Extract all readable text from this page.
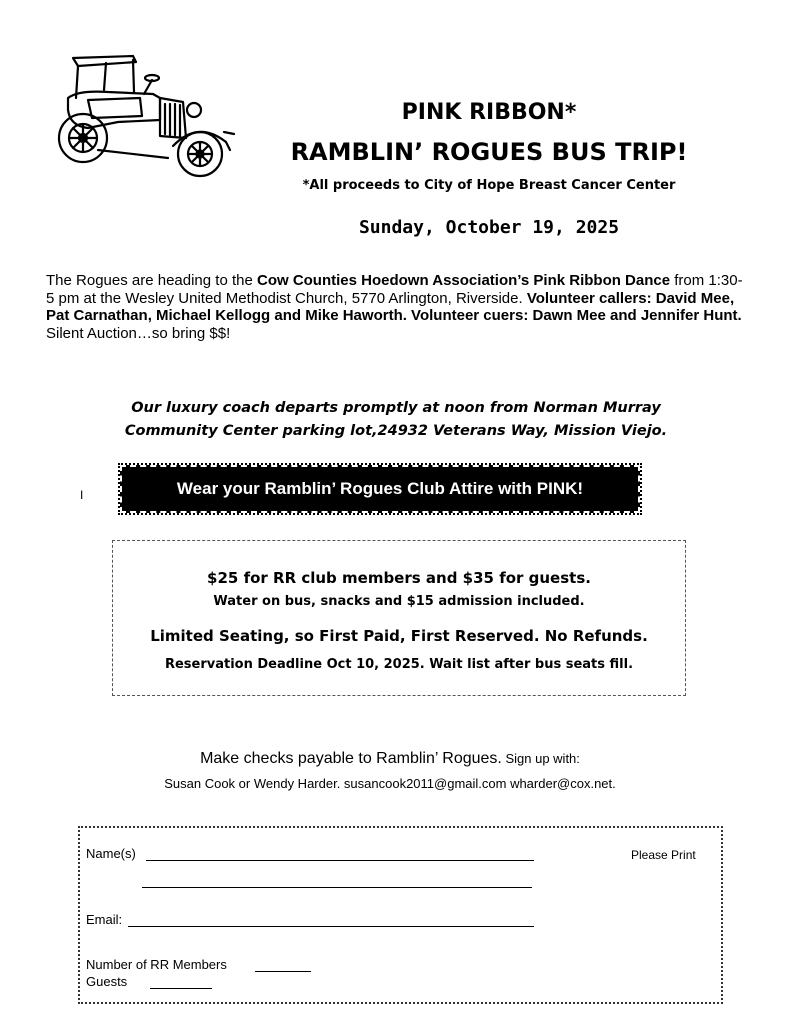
PINK RIBBON*
RAMBLIN’ ROGUES BUS TRIP!
*All proceeds to City of Hope Breast Cancer Center
Sunday, October 19, 2025
The Rogues are heading to the Cow Counties Hoedown Association’s Pink Ribbon Dance from 1:30-5 pm at the Wesley United Methodist Church, 5770 Arlington, Riverside. Volunteer callers: David Mee, Pat Carnathan, Michael Kellogg and Mike Haworth. Volunteer cuers: Dawn Mee and Jennifer Hunt. Silent Auction…so bring $$!
Our luxury coach departs promptly at noon from Norman Murray
Community Center parking lot,24932 Veterans Way, Mission Viejo.
I	Wear your Ramblin’ Rogues Club Attire with PINK!
$25 for RR club members and $35 for guests.
Water on bus, snacks and $15 admission included.
Limited Seating, so First Paid, First Reserved. No Refunds.
Reservation Deadline Oct 10, 2025. Wait list after bus seats fill.
Make checks payable to Ramblin’ Rogues. Sign up with:
Susan Cook or Wendy Harder. susancook2011@gmail.com wharder@cox.net.
Name(s)	Please Print
Email:
Number of RR Members
Guests
